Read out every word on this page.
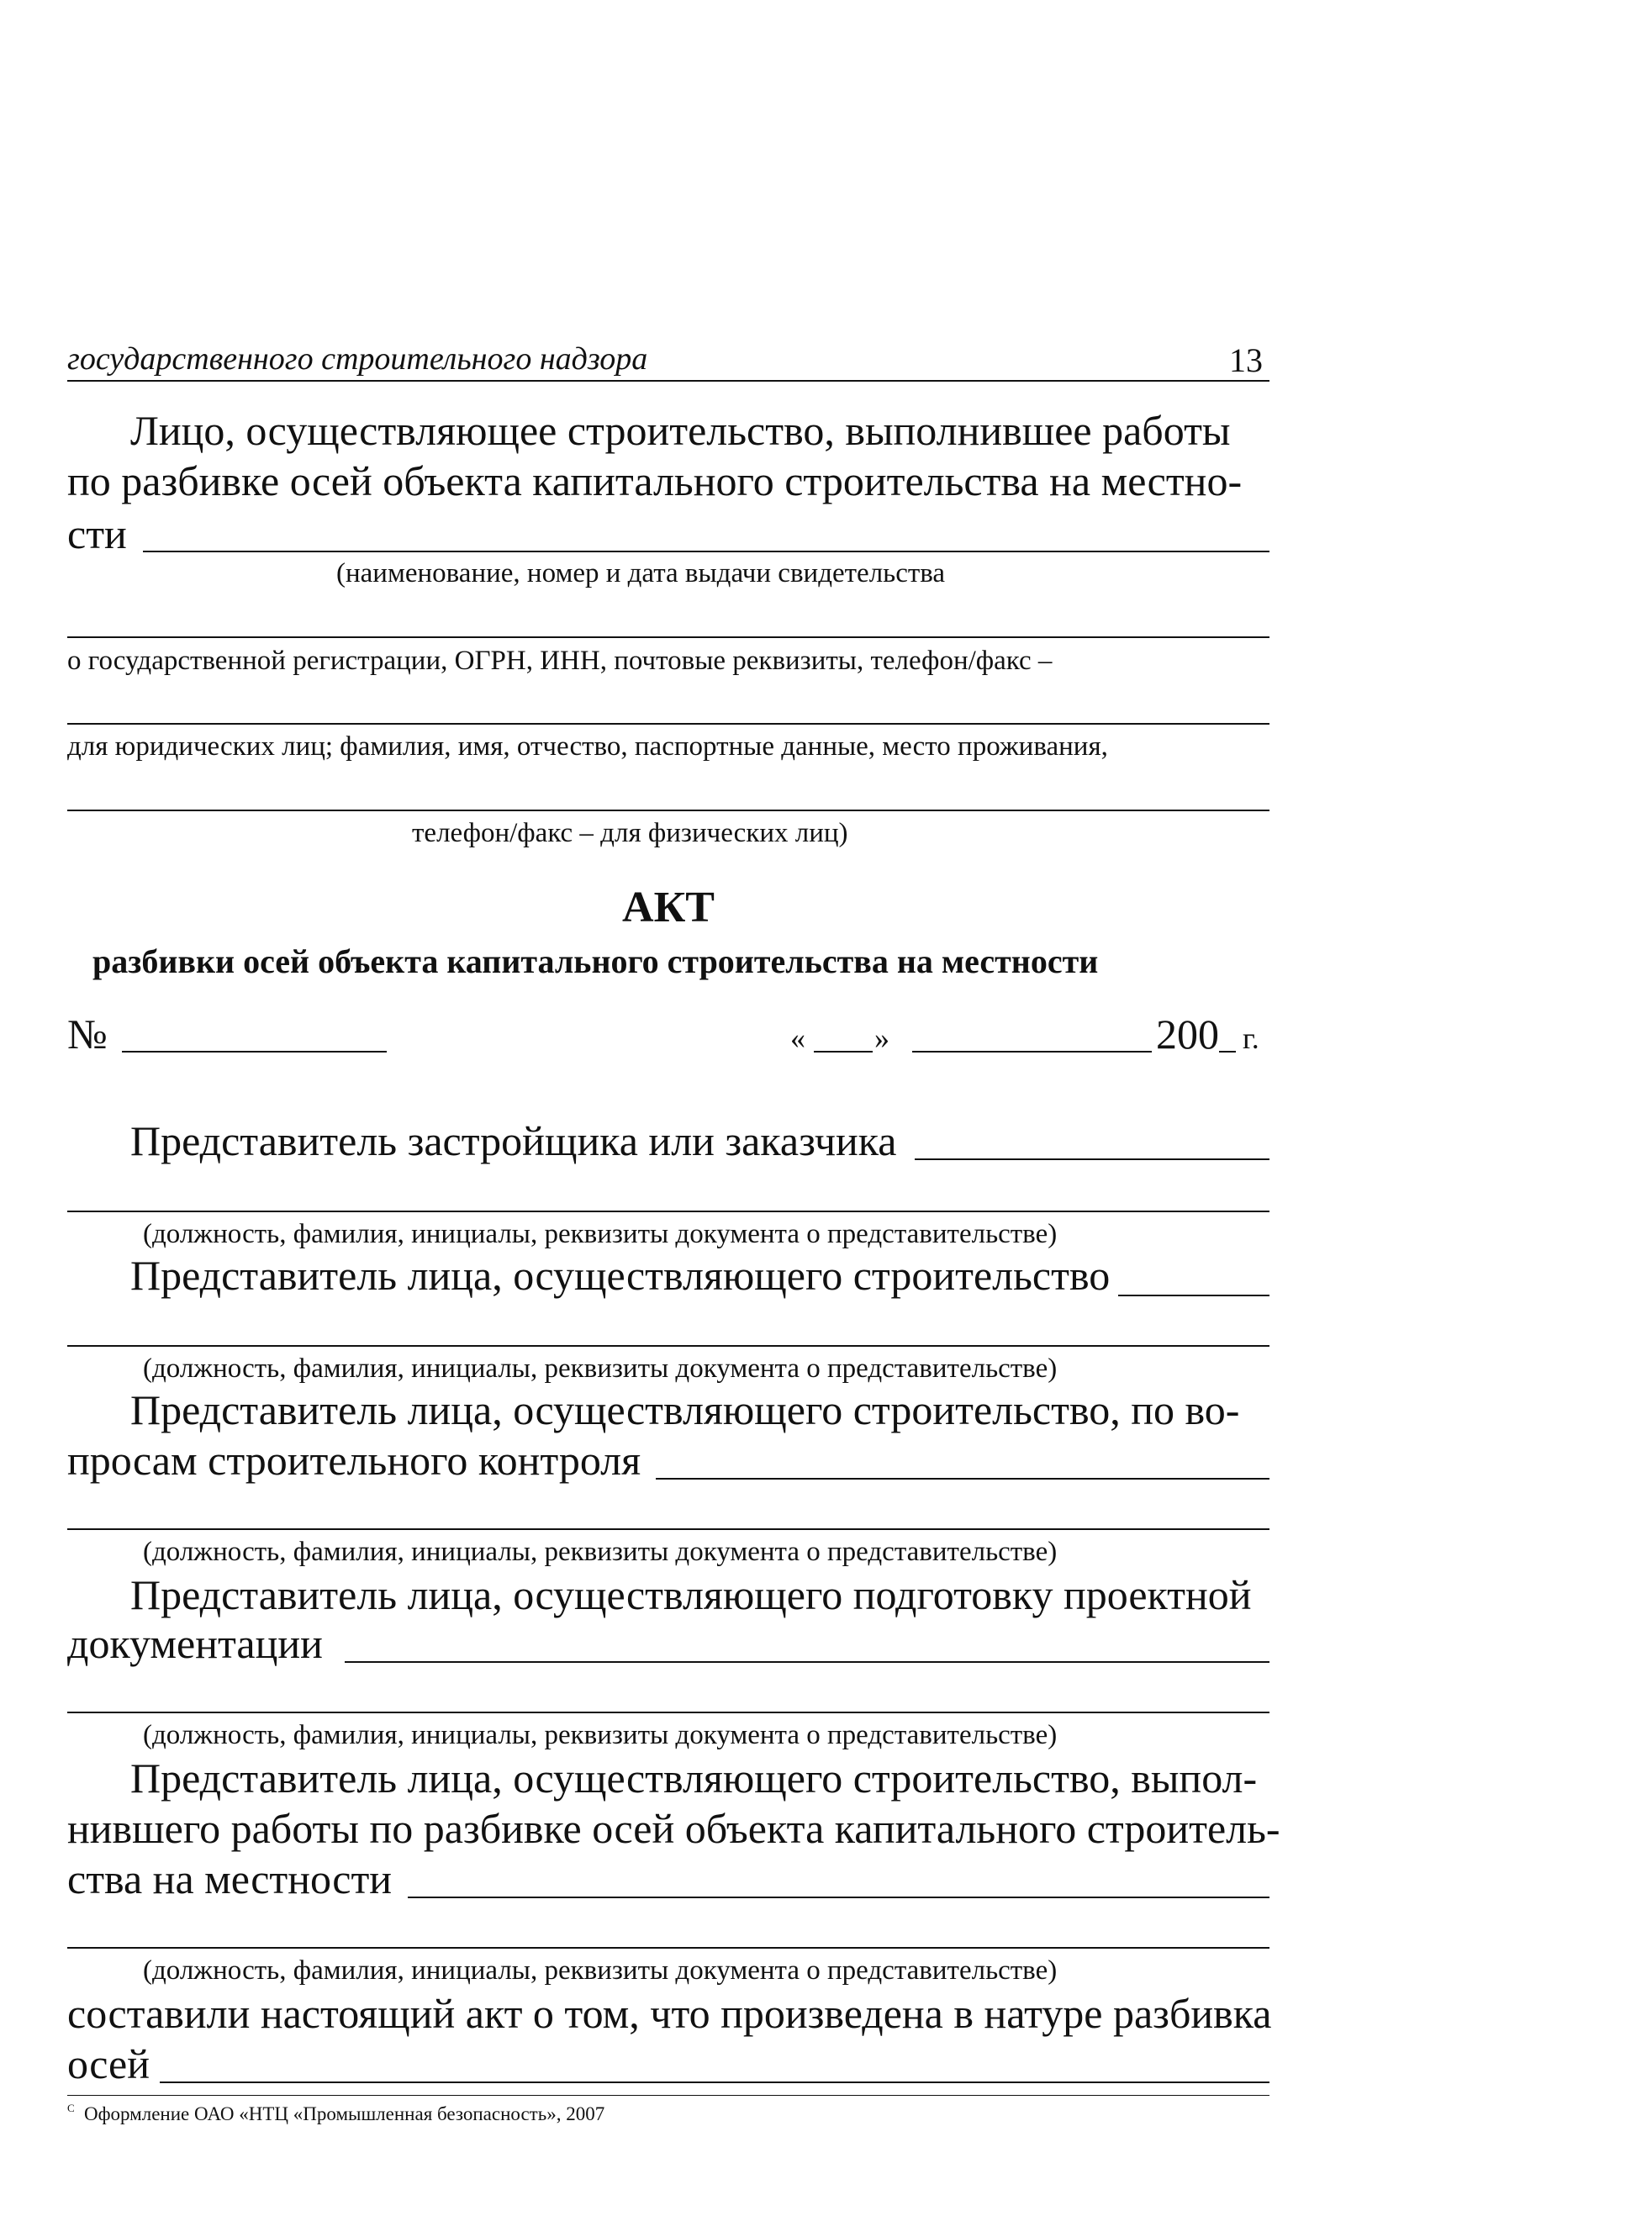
государственного строительного надзора	13
Лицо, осуществляющее строительство, выполнившее работы
по разбивке осей объекта капитального строительства на местно-
сти
(наименование, номер и дата выдачи свидетельства
о государственной регистрации, ОГРН, ИНН, почтовые реквизиты, телефон/факс –
для юридических лиц; фамилия, имя, отчество, паспортные данные, место проживания,
телефон/факс – для физических лиц)
АКТ
разбивки осей объекта капитального строительства на местности
№	« »	200 г.
Представитель застройщика или заказчика
(должность, фамилия, инициалы, реквизиты документа о представительстве)
Представитель лица, осуществляющего строительство
(должность, фамилия, инициалы, реквизиты документа о представительстве)
Представитель лица, осуществляющего строительство, по во-
просам строительного контроля
(должность, фамилия, инициалы, реквизиты документа о представительстве)
Представитель лица, осуществляющего подготовку проектной
документации
(должность, фамилия, инициалы, реквизиты документа о представительстве)
Представитель лица, осуществляющего строительство, выпол-
нившего работы по разбивке осей объекта капитального строитель-
ства на местности
(должность, фамилия, инициалы, реквизиты документа о представительстве)
составили настоящий акт о том, что произведена в натуре разбивка
осей
С Оформление ОАО «НТЦ «Промышленная безопасность», 2007
